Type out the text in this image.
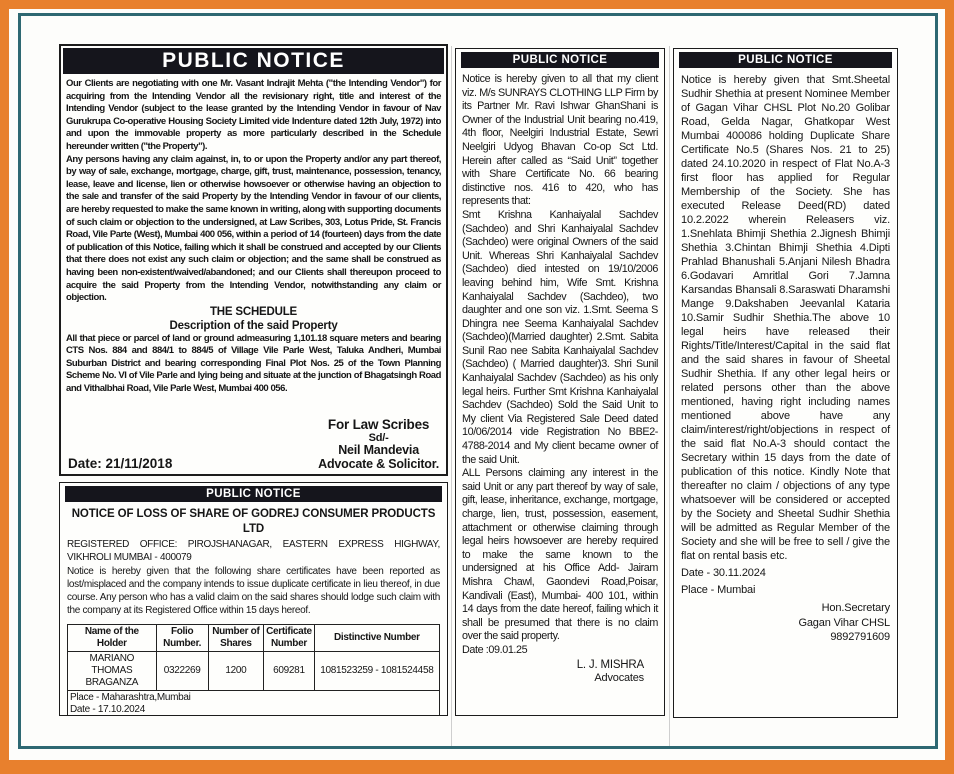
PUBLIC NOTICE

Our Clients are negotiating with one Mr. Vasant Indrajit Mehta ("the Intending Vendor") for acquiring from the Intending Vendor all the revisionary right, title and interest of the Intending Vendor (subject to the lease granted by the Intending Vendor in favour of Nav Gurukrupa Co-operative Housing Society Limited vide Indenture dated 12th July, 1972) into and upon the immovable property as more particularly described in the Schedule hereunder written ("the Property").

Any persons having any claim against, in, to or upon the Property and/or any part thereof, by way of sale, exchange, mortgage, charge, gift, trust, maintenance, possession, tenancy, lease, leave and license, lien or otherwise howsoever or otherwise having an objection to the sale and transfer of the said Property by the Intending Vendor in favour of our clients, are hereby requested to make the same known in writing, along with supporting documents of such claim or objection to the undersigned, at Law Scribes, 303, Lotus Pride, St. Francis Road, Vile Parte (West), Mumbai 400 056, within a period of 14 (fourteen) days from the date of publication of this Notice, failing which it shall be construed and accepted by our Clients that there does not exist any such claim or objection; and the same shall be construed as having been non-existent/waived/abandoned; and our Clients shall thereupon proceed to acquire the said Property from the Intending Vendor, notwithstanding any claim or objection.

THE SCHEDULE

Description of the said Property

All that piece or parcel of land or ground admeasuring 1,101.18 square meters and bearing CTS Nos. 884 and 884/1 to 884/5 of Village Vile Parle West, Taluka Andheri, Mumbai Suburban District and bearing corresponding Final Plot Nos. 25 of the Town Planning Scheme No. VI of Vile Parle and lying being and situate at the junction of Bhagatsingh Road and Vithalbhai Road, Vile Parle West, Mumbai 400 056.

Date: 21/11/2018
For Law Scribes
Sd/-
Neil Mandevia
Advocate & Solicitor.
PUBLIC NOTICE
NOTICE OF LOSS OF SHARE OF GODREJ CONSUMER PRODUCTS LTD
REGISTERED OFFICE: PIROJSHANAGAR, EASTERN EXPRESS HIGHWAY, VIKHROLI MUMBAI - 400079
Notice is hereby given that the following share certificates have been reported as lost/misplaced and the company intends to issue duplicate certificate in lieu thereof, in due course. Any person who has a valid claim on the said shares should lodge such claim with the company at its Registered Office within 15 days hereof.
Name of the Holder	Folio Number.	Number of Shares	Certificate Number	Distinctive Number
MARIANO THOMAS BRAGANZA	0322269	1200	609281	1081523259 - 1081524458

Place - Maharashtra,Mumbai
Date - 17.10.2024				
PUBLIC NOTICE

Notice is hereby given to all that my client viz. M/s SUNRAYS CLOTHING LLP Firm by its Partner Mr. Ravi Ishwar GhanShani is Owner of the Industrial Unit bearing no.419, 4th floor, Neelgiri Industrial Estate, Sewri Neelgiri Udyog Bhavan Co-op Sct Ltd. Herein after called as “Said Unit” together with Share Certificate No. 66 bearing distinctive nos. 416 to 420, who has represents that:

Smt Krishna Kanhaiyalal Sachdev (Sachdeo) and Shri Kanhaiyalal Sachdev (Sachdeo) were original Owners of the said Unit. Whereas Shri Kanhaiyalal Sachdev (Sachdeo) died intested on 19/10/2006 leaving behind him, Wife Smt. Krishna Kanhaiyalal Sachdev (Sachdeo), two daughter and one son viz. 1.Smt. Seema S Dhingra nee Seema Kanhaiyalal Sachdev (Sachdeo)(Married daughter) 2.Smt. Sabita Sunil Rao nee Sabita Kanhaiyalal Sachdev (Sachdeo) ( Married daughter)3. Shri Sunil Kanhaiyalal Sachdev (Sachdeo) as his only legal heirs. Further Smt Krishna Kanhaiyalal Sachdev (Sachdeo) Sold the Said Unit to My client Via Registered Sale Deed dated 10/06/2014 vide Registration No BBE2-4788-2014 and My client became owner of the said Unit.

ALL Persons claiming any interest in the said Unit or any part thereof by way of sale, gift, lease, inheritance, exchange, mortgage, charge, lien, trust, possession, easement, attachment or otherwise claiming through legal heirs howsoever are hereby required to make the same known to the undersigned at his Office Add- Jairam Mishra Chawl, Gaondevi Road,Poisar, Kandivali (East), Mumbai- 400 101, within 14 days from the date hereof, failing which it shall be presumed that there is no claim over the said property.

Date :09.01.25

L. J. MISHRA
Advocates
PUBLIC NOTICE

Notice is hereby given that Smt.Sheetal Sudhir Shethia at present Nominee Member of Gagan Vihar CHSL Plot No.20 Golibar Road, Gelda Nagar, Ghatkopar West Mumbai 400086 holding Duplicate Share Certificate No.5 (Shares Nos. 21 to 25) dated 24.10.2020 in respect of Flat No.A-3 first floor has applied for Regular Membership of the Society. She has executed Release Deed(RD) dated 10.2.2022 wherein Releasers viz. 1.Snehlata Bhimji Shethia 2.Jignesh Bhimji Shethia 3.Chintan Bhimji Shethia 4.Dipti Prahlad Bhanushali 5.Anjani Nilesh Bhadra 6.Godavari Amritlal Gori 7.Jamna Karsandas Bhansali 8.Saraswati Dharamshi Mange 9.Dakshaben Jeevanlal Kataria 10.Samir Sudhir Shethia.The above 10 legal heirs have released their Rights/Title/Interest/Capital in the said flat and the said shares in favour of Sheetal Sudhir Shethia. If any other legal heirs or related persons other than the above mentioned, having right including names mentioned above have any claim/interest/right/objections in respect of the said flat No.A-3 should contact the Secretary within 15 days from the date of publication of this notice. Kindly Note that thereafter no claim / objections of any type whatsoever will be considered or accepted by the Society and Sheetal Sudhir Shethia will be admitted as Regular Member of the Society and she will be free to sell / give the flat on rental basis etc.

Date - 30.11.2024

Place - Mumbai

Hon.Secretary
Gagan Vihar CHSL
9892791609
